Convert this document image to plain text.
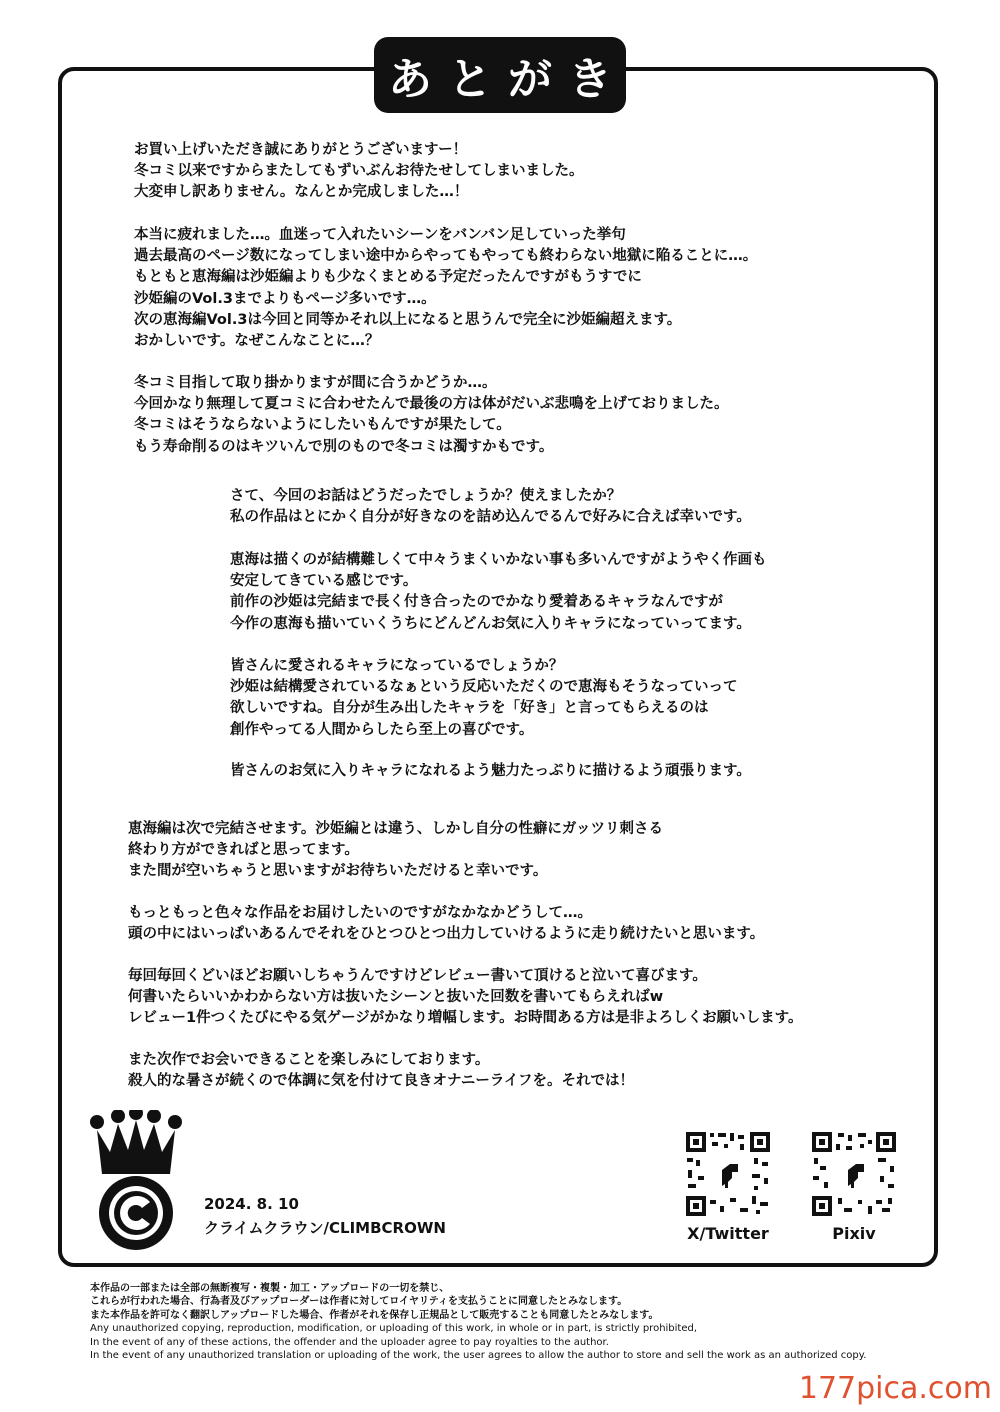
あとがき
お買い上げいただき誠にありがとうございますー！
冬コミ以来ですからまたしてもずいぶんお待たせしてしまいました。
大変申し訳ありません。なんとか完成しました…！
本当に疲れました…。血迷って入れたいシーンをバンバン足していった挙句
過去最高のページ数になってしまい途中からやってもやっても終わらない地獄に陥ることに…。
もともと恵海編は沙姫編よりも少なくまとめる予定だったんですがもうすでに
沙姫編のVol.3までよりもページ多いです…。
次の恵海編Vol.3は今回と同等かそれ以上になると思うんで完全に沙姫編超えます。
おかしいです。なぜこんなことに…？
冬コミ目指して取り掛かりますが間に合うかどうか…。
今回かなり無理して夏コミに合わせたんで最後の方は体がだいぶ悲鳴を上げておりました。
冬コミはそうならないようにしたいもんですが果たして。
もう寿命削るのはキツいんで別のもので冬コミは濁すかもです。
さて、今回のお話はどうだったでしょうか？使えましたか？
私の作品はとにかく自分が好きなのを詰め込んでるんで好みに合えば幸いです。
恵海は描くのが結構難しくて中々うまくいかない事も多いんですがようやく作画も
安定してきている感じです。
前作の沙姫は完結まで長く付き合ったのでかなり愛着あるキャラなんですが
今作の恵海も描いていくうちにどんどんお気に入りキャラになっていってます。
皆さんに愛されるキャラになっているでしょうか？
沙姫は結構愛されているなぁという反応いただくので恵海もそうなっていって
欲しいですね。自分が生み出したキャラを「好き」と言ってもらえるのは
創作やってる人間からしたら至上の喜びです。
皆さんのお気に入りキャラになれるよう魅力たっぷりに描けるよう頑張ります。
恵海編は次で完結させます。沙姫編とは違う、しかし自分の性癖にガッツリ刺さる
終わり方ができればと思ってます。
また間が空いちゃうと思いますがお待ちいただけると幸いです。
もっともっと色々な作品をお届けしたいのですがなかなかどうして…。
頭の中にはいっぱいあるんでそれをひとつひとつ出力していけるように走り続けたいと思います。
毎回毎回くどいほどお願いしちゃうんですけどレビュー書いて頂けると泣いて喜びます。
何書いたらいいかわからない方は抜いたシーンと抜いた回数を書いてもらえればw
レビュー1件つくたびにやる気ゲージがかなり増幅します。お時間ある方は是非よろしくお願いします。
また次作でお会いできることを楽しみにしております。
殺人的な暑さが続くので体調に気を付けて良きオナニーライフを。それでは！
2024. 8. 10
クライムクラウン/CLIMBCROWN	X/Twitter	Pixiv
本作品の一部または全部の無断複写・複製・加工・アップロードの一切を禁じ、
これらが行われた場合、行為者及びアップローダーは作者に対してロイヤリティを支払うことに同意したとみなします。
また本作品を許可なく翻訳しアップロードした場合、作者がそれを保存し正規品として販売することも同意したとみなします。
Any unauthorized copying, reproduction, modification, or uploading of this work, in whole or in part, is strictly prohibited,
In the event of any of these actions, the offender and the uploader agree to pay royalties to the author.
In the event of any unauthorized translation or uploading of the work, the user agrees to allow the author to store and sell the work as an authorized copy.
177pica.com
